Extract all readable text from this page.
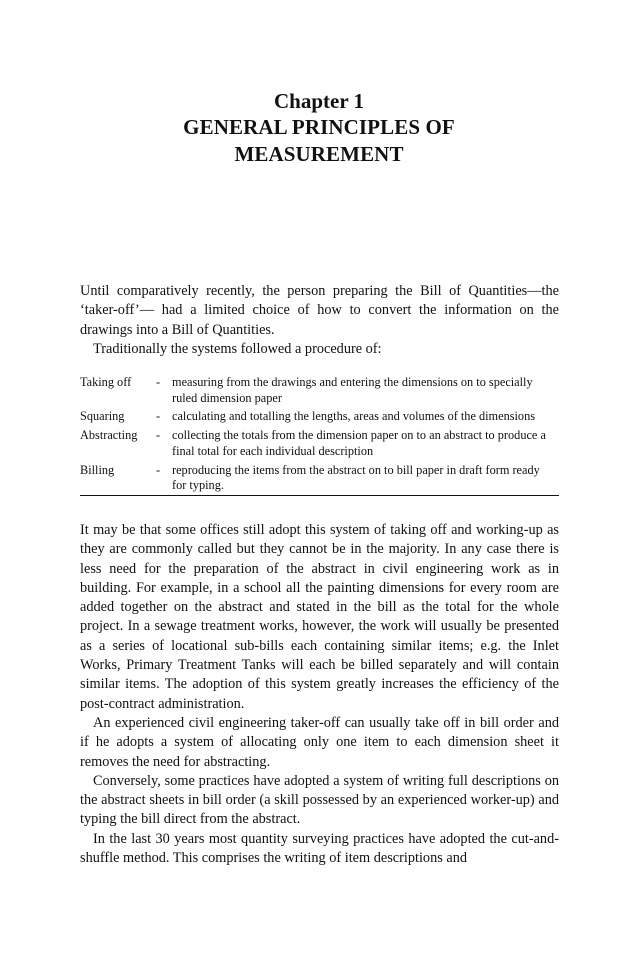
Chapter 1
GENERAL PRINCIPLES OF
MEASUREMENT

Until comparatively recently, the person preparing the Bill of Quantities—the ‘taker-off’— had a limited choice of how to convert the information on the drawings into a Bill of Quantities.

Traditionally the systems followed a procedure of:

Taking off	- measuring from the drawings and entering the dimensions on to specially ruled dimension paper
Squaring	- calculating and totalling the lengths, areas and volumes of the dimensions
Abstracting	- collecting the totals from the dimension paper on to an abstract to produce a final total for each individual description
Billing	- reproducing the items from the abstract on to bill paper in draft form ready for typing.

It may be that some offices still adopt this system of taking off and working-up as they are commonly called but they cannot be in the majority. In any case there is less need for the preparation of the abstract in civil engineering work as in building. For example, in a school all the painting dimensions for every room are added together on the abstract and stated in the bill as the total for the whole project. In a sewage treatment works, however, the work will usually be presented as a series of locational sub-bills each containing similar items; e.g. the Inlet Works, Primary Treatment Tanks will each be billed separately and will contain similar items. The adoption of this system greatly increases the efficiency of the post-contract administration.

An experienced civil engineering taker-off can usually take off in bill order and if he adopts a system of allocating only one item to each dimension sheet it removes the need for abstracting.

Conversely, some practices have adopted a system of writing full descriptions on the abstract sheets in bill order (a skill possessed by an experienced worker-up) and typing the bill direct from the abstract.

In the last 30 years most quantity surveying practices have adopted the cut-and-shuffle method. This comprises the writing of item descriptions and
